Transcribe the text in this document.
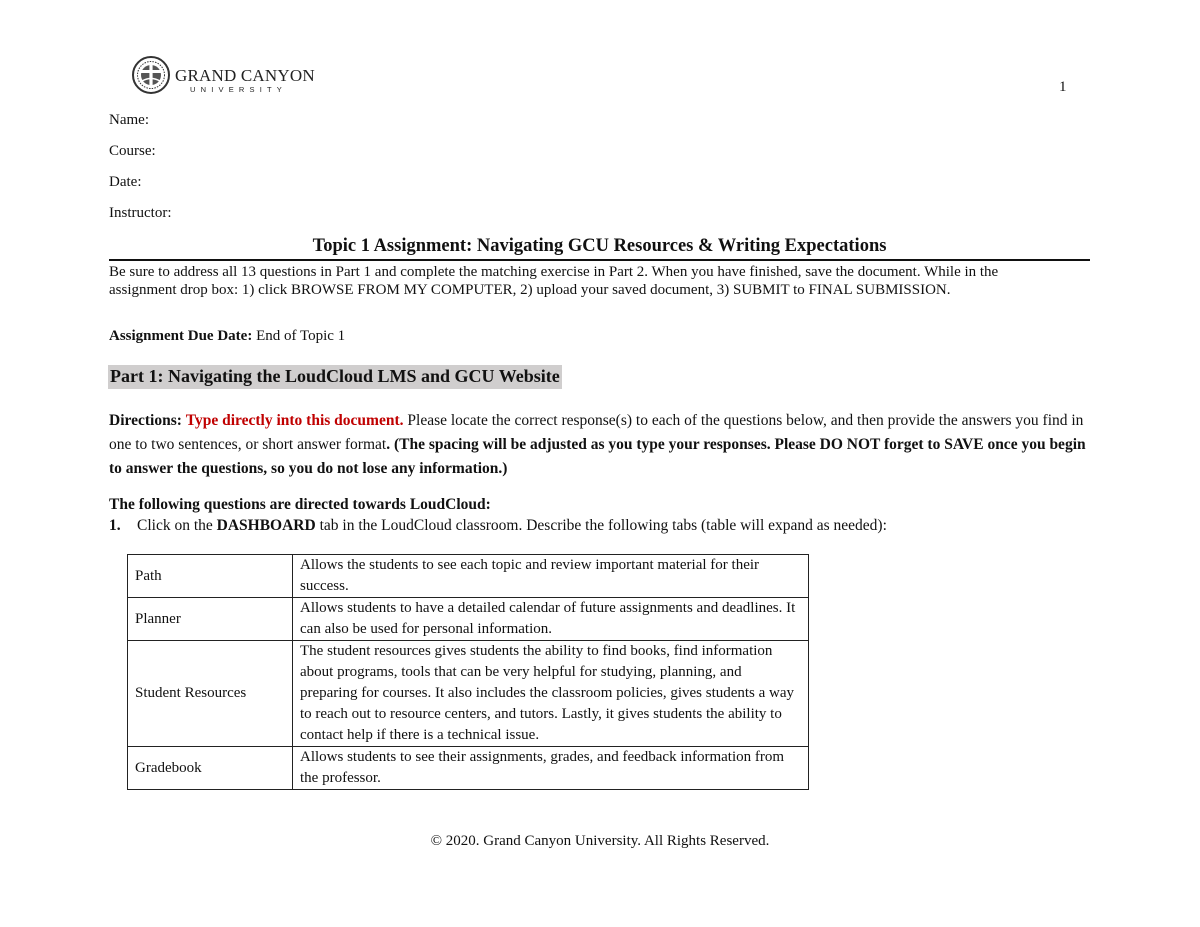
GRAND CANYON
UNIVERSITY	1
Name:
Course:
Date:
Instructor:
Topic 1 Assignment: Navigating GCU Resources & Writing Expectations
Be sure to address all 13 questions in Part 1 and complete the matching exercise in Part 2. When you have finished, save the document. While in the assignment drop box: 1) click BROWSE FROM MY COMPUTER, 2) upload your saved document, 3) SUBMIT to FINAL SUBMISSION.
Assignment Due Date: End of Topic 1
Part 1: Navigating the LoudCloud LMS and GCU Website
Directions: Type directly into this document. Please locate the correct response(s) to each of the questions below, and then provide the answers you find in one to two sentences, or short answer format. (The spacing will be adjusted as you type your responses. Please DO NOT forget to SAVE once you begin to answer the questions, so you do not lose any information.)
The following questions are directed towards LoudCloud:
1. Click on the DASHBOARD tab in the LoudCloud classroom. Describe the following tabs (table will expand as needed):
Path	Allows the students to see each topic and review important material for their success.
Planner	Allows students to have a detailed calendar of future assignments and deadlines. It can also be used for personal information.
Student Resources	The student resources gives students the ability to find books, find information about programs, tools that can be very helpful for studying, planning, and preparing for courses. It also includes the classroom policies, gives students a way to reach out to resource centers, and tutors. Lastly, it gives students the ability to contact help if there is a technical issue.
Gradebook	Allows students to see their assignments, grades, and feedback information from the professor.
© 2020. Grand Canyon University. All Rights Reserved.
